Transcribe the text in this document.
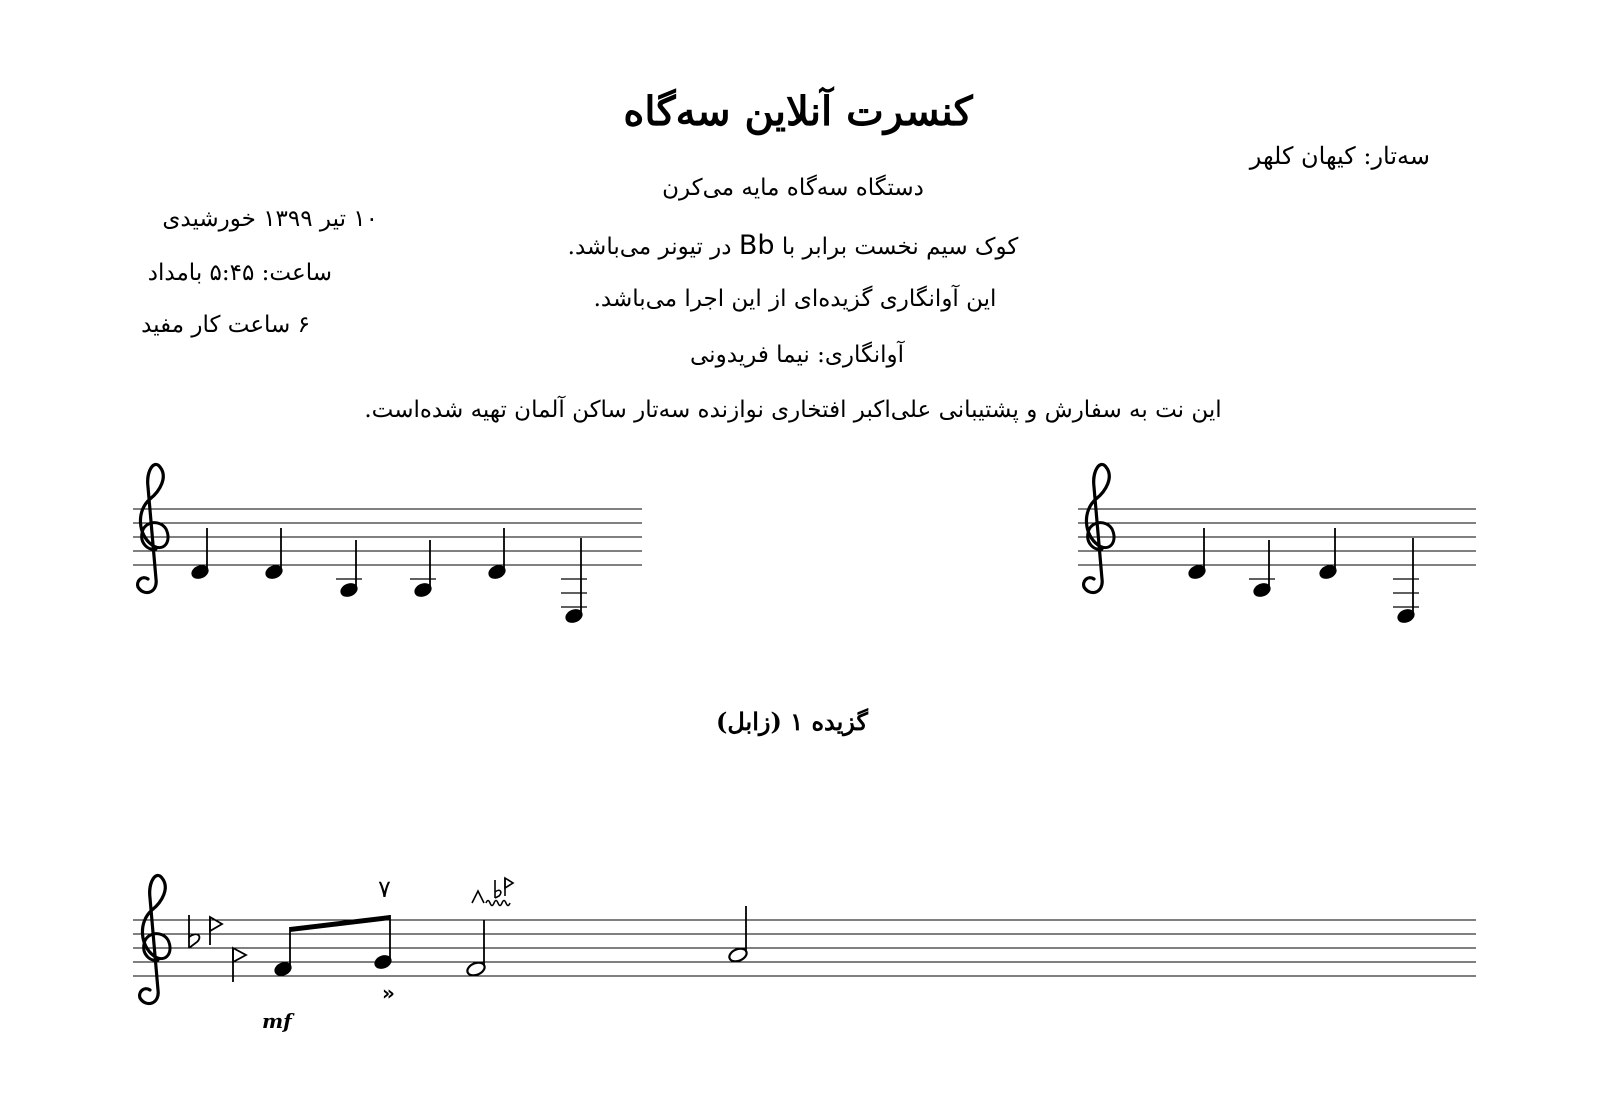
کنسرت آنلاین سه‌گاه
سه‌تار: کیهان کلهر
دستگاه سه‌گاه مایه می‌کرن
کوک سیم نخست برابر با Bb در تیونر می‌باشد.
این آوانگاری گزیده‌ای از این اجرا می‌باشد.
آوانگاری: نیما فریدونی
این نت به سفارش و پشتیبانی علی‌اکبر افتخاری نوازنده سه‌تار ساکن آلمان تهیه شده‌است.
۱۰ تیر ۱۳۹۹ خورشیدی
ساعت: ۵:۴۵ بامداد
۶ ساعت کار مفید
گزیده ۱ (زابل)
»
٧
mf
